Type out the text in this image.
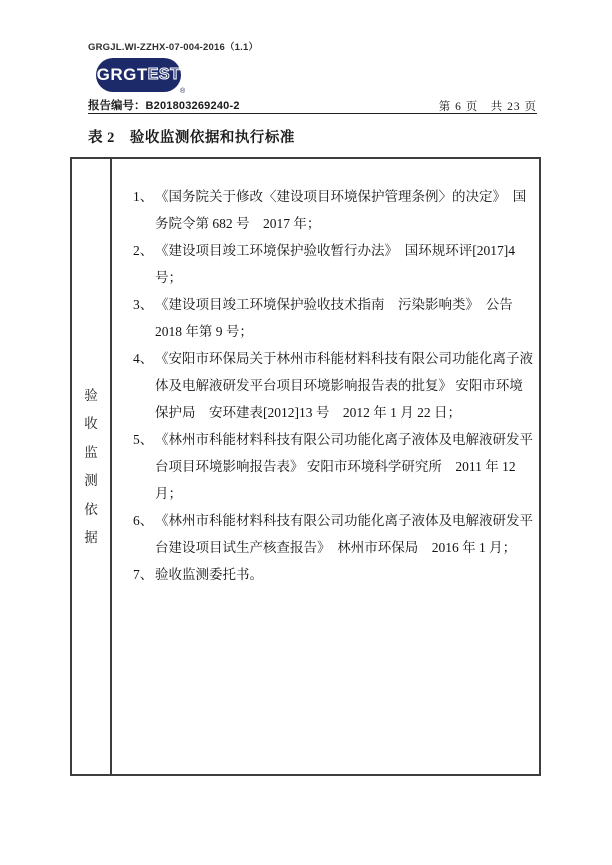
GRGJL.WI-ZZHX-07-004-2016（1.1）
GRGT EST
®
报告编号：B201803269240-2	第 6 页　共 23 页
表 2　验收监测依据和执行标准
验
收
监
测
依
据
1、 《国务院关于修改〈建设项目环境保护管理条例〉的决定》　国务院令第 682 号　2017 年；
2、 《建设项目竣工环境保护验收暂行办法》　国环规环评[2017]4 号；
3、 《建设项目竣工环境保护验收技术指南　污染影响类》　公告 2018 年第 9 号；
4、 《安阳市环保局关于林州市科能材料科技有限公司功能化离子液体及电解液研发平台项目环境影响报告表的批复》 安阳市环境保护局　安环建表[2012]13 号　2012 年 1 月 22 日；
5、 《林州市科能材料科技有限公司功能化离子液体及电解液研发平台项目环境影响报告表》 安阳市环境科学研究所　2011 年 12 月；
6、 《林州市科能材料科技有限公司功能化离子液体及电解液研发平台建设项目试生产核查报告》　林州市环保局　2016 年 1 月；
7、 验收监测委托书。
